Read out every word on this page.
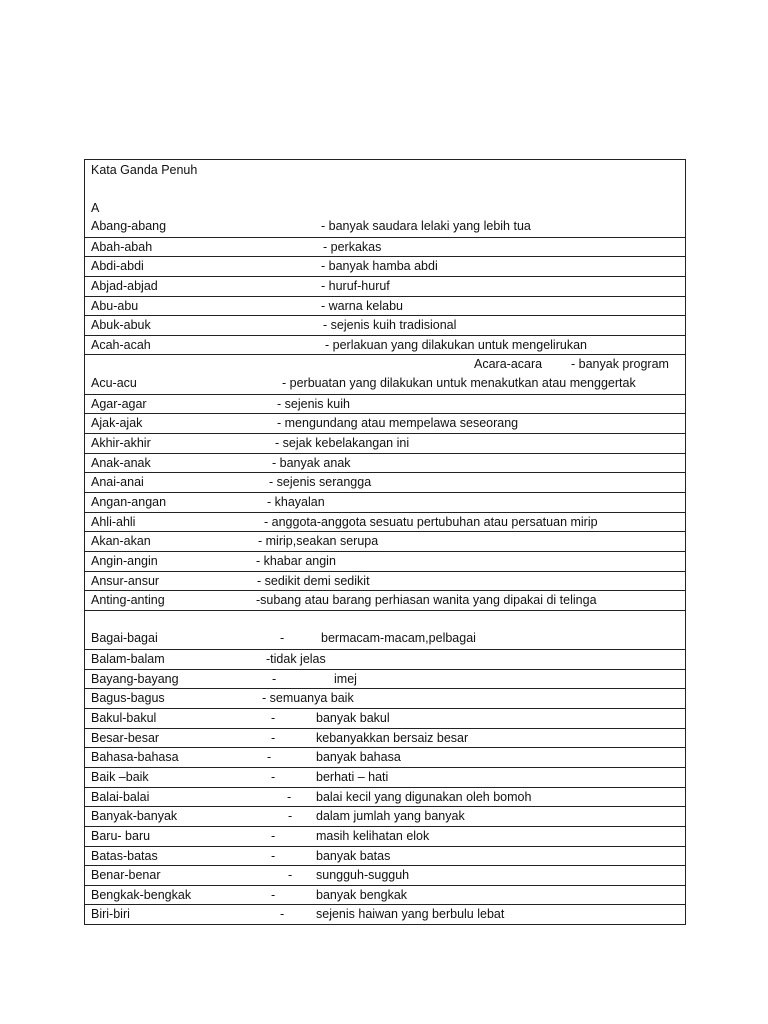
Kata Ganda Penuh
A
Abang-abang	- banyak saudara lelaki yang lebih tua
Abah-abah	- perkakas
Abdi-abdi	- banyak hamba abdi
Abjad-abjad	- huruf-huruf
Abu-abu	- warna kelabu
Abuk-abuk	- sejenis kuih tradisional
Acah-acah	- perlakuan yang dilakukan untuk mengelirukan
Acara-acara - banyak program
Acu-acu	- perbuatan yang dilakukan untuk menakutkan atau menggertak
Agar-agar	- sejenis kuih
Ajak-ajak	- mengundang atau mempelawa seseorang
Akhir-akhir	- sejak kebelakangan ini
Anak-anak	- banyak anak
Anai-anai	- sejenis serangga
Angan-angan	- khayalan
Ahli-ahli	- anggota-anggota sesuatu pertubuhan atau persatuan mirip
Akan-akan	- mirip,seakan serupa
Angin-angin	- khabar angin
Ansur-ansur	- sedikit demi sedikit
Anting-anting	-subang atau barang perhiasan wanita yang dipakai di telinga
Bagai-bagai	-	bermacam-macam,pelbagai
Balam-balam	-tidak jelas
Bayang-bayang	-	imej
Bagus-bagus	- semuanya baik
Bakul-bakul	-	banyak bakul
Besar-besar	-	kebanyakkan bersaiz besar
Bahasa-bahasa	-	banyak bahasa
Baik –baik	-	berhati – hati
Balai-balai	- balai kecil yang digunakan oleh bomoh
Banyak-banyak	- dalam jumlah yang banyak
Baru- baru	-	masih kelihatan elok
Batas-batas	-	banyak batas
Benar-benar	- sungguh-sugguh
Bengkak-bengkak	-	banyak bengkak
Biri-biri	-	sejenis haiwan yang berbulu lebat
